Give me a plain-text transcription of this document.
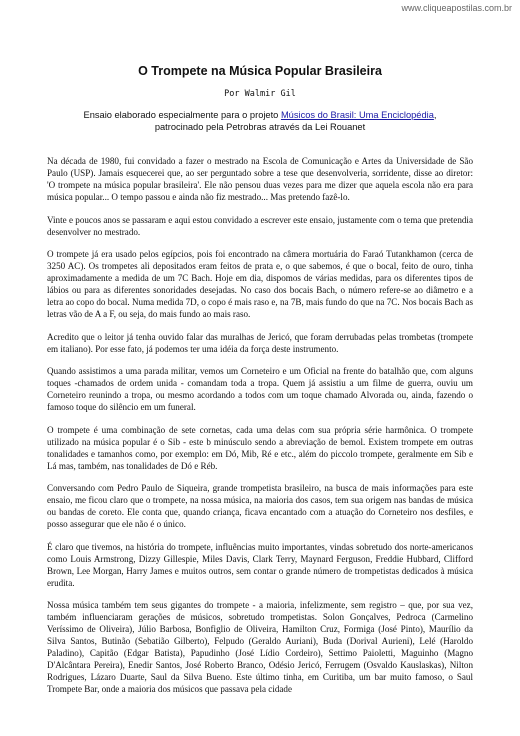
www.cliqueapostilas.com.br
O Trompete na Música Popular Brasileira

Por Walmir Gil

Ensaio elaborado especialmente para o projeto Músicos do Brasil: Uma Enciclopédia,
patrocinado pela Petrobras através da Lei Rouanet

Na década de 1980, fui convidado a fazer o mestrado na Escola de Comunicação e Artes da Universidade de São Paulo (USP). Jamais esquecerei que, ao ser perguntado sobre a tese que desenvolveria, sorridente, disse ao diretor: 'O trompete na música popular brasileira'. Ele não pensou duas vezes para me dizer que aquela escola não era para música popular... O tempo passou e ainda não fiz mestrado... Mas pretendo fazê-lo.

Vinte e poucos anos se passaram e aqui estou convidado a escrever este ensaio, justamente com o tema que pretendia desenvolver no mestrado.

O trompete já era usado pelos egípcios, pois foi encontrado na câmera mortuária do Faraó Tutankhamon (cerca de 3250 AC). Os trompetes ali depositados eram feitos de prata e, o que sabemos, é que o bocal, feito de ouro, tinha aproximadamente a medida de um 7C Bach. Hoje em dia, dispomos de várias medidas, para os diferentes tipos de lábios ou para as diferentes sonoridades desejadas. No caso dos bocais Bach, o número refere-se ao diâmetro e a letra ao copo do bocal. Numa medida 7D, o copo é mais raso e, na 7B, mais fundo do que na 7C. Nos bocais Bach as letras vão de A a F, ou seja, do mais fundo ao mais raso.

Acredito que o leitor já tenha ouvido falar das muralhas de Jericó, que foram derrubadas pelas trombetas (trompete em italiano). Por esse fato, já podemos ter uma idéia da força deste instrumento.

Quando assistimos a uma parada militar, vemos um Corneteiro e um Oficial na frente do batalhão que, com alguns toques -chamados de ordem unida - comandam toda a tropa. Quem já assistiu a um filme de guerra, ouviu um Corneteiro reunindo a tropa, ou mesmo acordando a todos com um toque chamado Alvorada ou, ainda, fazendo o famoso toque do silêncio em um funeral.

O trompete é uma combinação de sete cornetas, cada uma delas com sua própria série harmônica. O trompete utilizado na música popular é o Sib - este b minúsculo sendo a abreviação de bemol. Existem trompete em outras tonalidades e tamanhos como, por exemplo: em Dó, Mib, Ré e etc., além do piccolo trompete, geralmente em Sib e Lá mas, também, nas tonalidades de Dó e Réb.

Conversando com Pedro Paulo de Siqueira, grande trompetista brasileiro, na busca de mais informações para este ensaio, me ficou claro que o trompete, na nossa música, na maioria dos casos, tem sua origem nas bandas de música ou bandas de coreto. Ele conta que, quando criança, ficava encantado com a atuação do Corneteiro nos desfiles, e posso assegurar que ele não é o único.

É claro que tivemos, na história do trompete, influências muito importantes, vindas sobretudo dos norte-americanos como Louis Armstrong, Dizzy Gillespie, Miles Davis, Clark Terry, Maynard Ferguson, Freddie Hubbard, Clifford Brown, Lee Morgan, Harry James e muitos outros, sem contar o grande número de trompetistas dedicados à música erudita.

Nossa música também tem seus gigantes do trompete - a maioria, infelizmente, sem registro – que, por sua vez, também influenciaram gerações de músicos, sobretudo trompetistas. Solon Gonçalves, Pedroca (Carmelino Veríssimo de Oliveira), Júlio Barbosa, Bonfiglio de Oliveira, Hamilton Cruz, Formiga (José Pinto), Maurílio da Silva Santos, Butinão (Sebatião Gilberto), Felpudo (Geraldo Auriani), Buda (Dorival Aurieni), Lelé (Haroldo Paladino), Capitão (Edgar Batista), Papudinho (José Lídio Cordeiro), Settimo Paioletti, Maguinho (Magno D'Alcântara Pereira), Enedir Santos, José Roberto Branco, Odésio Jericó, Ferrugem (Osvaldo Kauslaskas), Nilton Rodrigues, Lázaro Duarte, Saul da Silva Bueno. Este último tinha, em Curitiba, um bar muito famoso, o Saul Trompete Bar, onde a maioria dos músicos que passava pela cidade
